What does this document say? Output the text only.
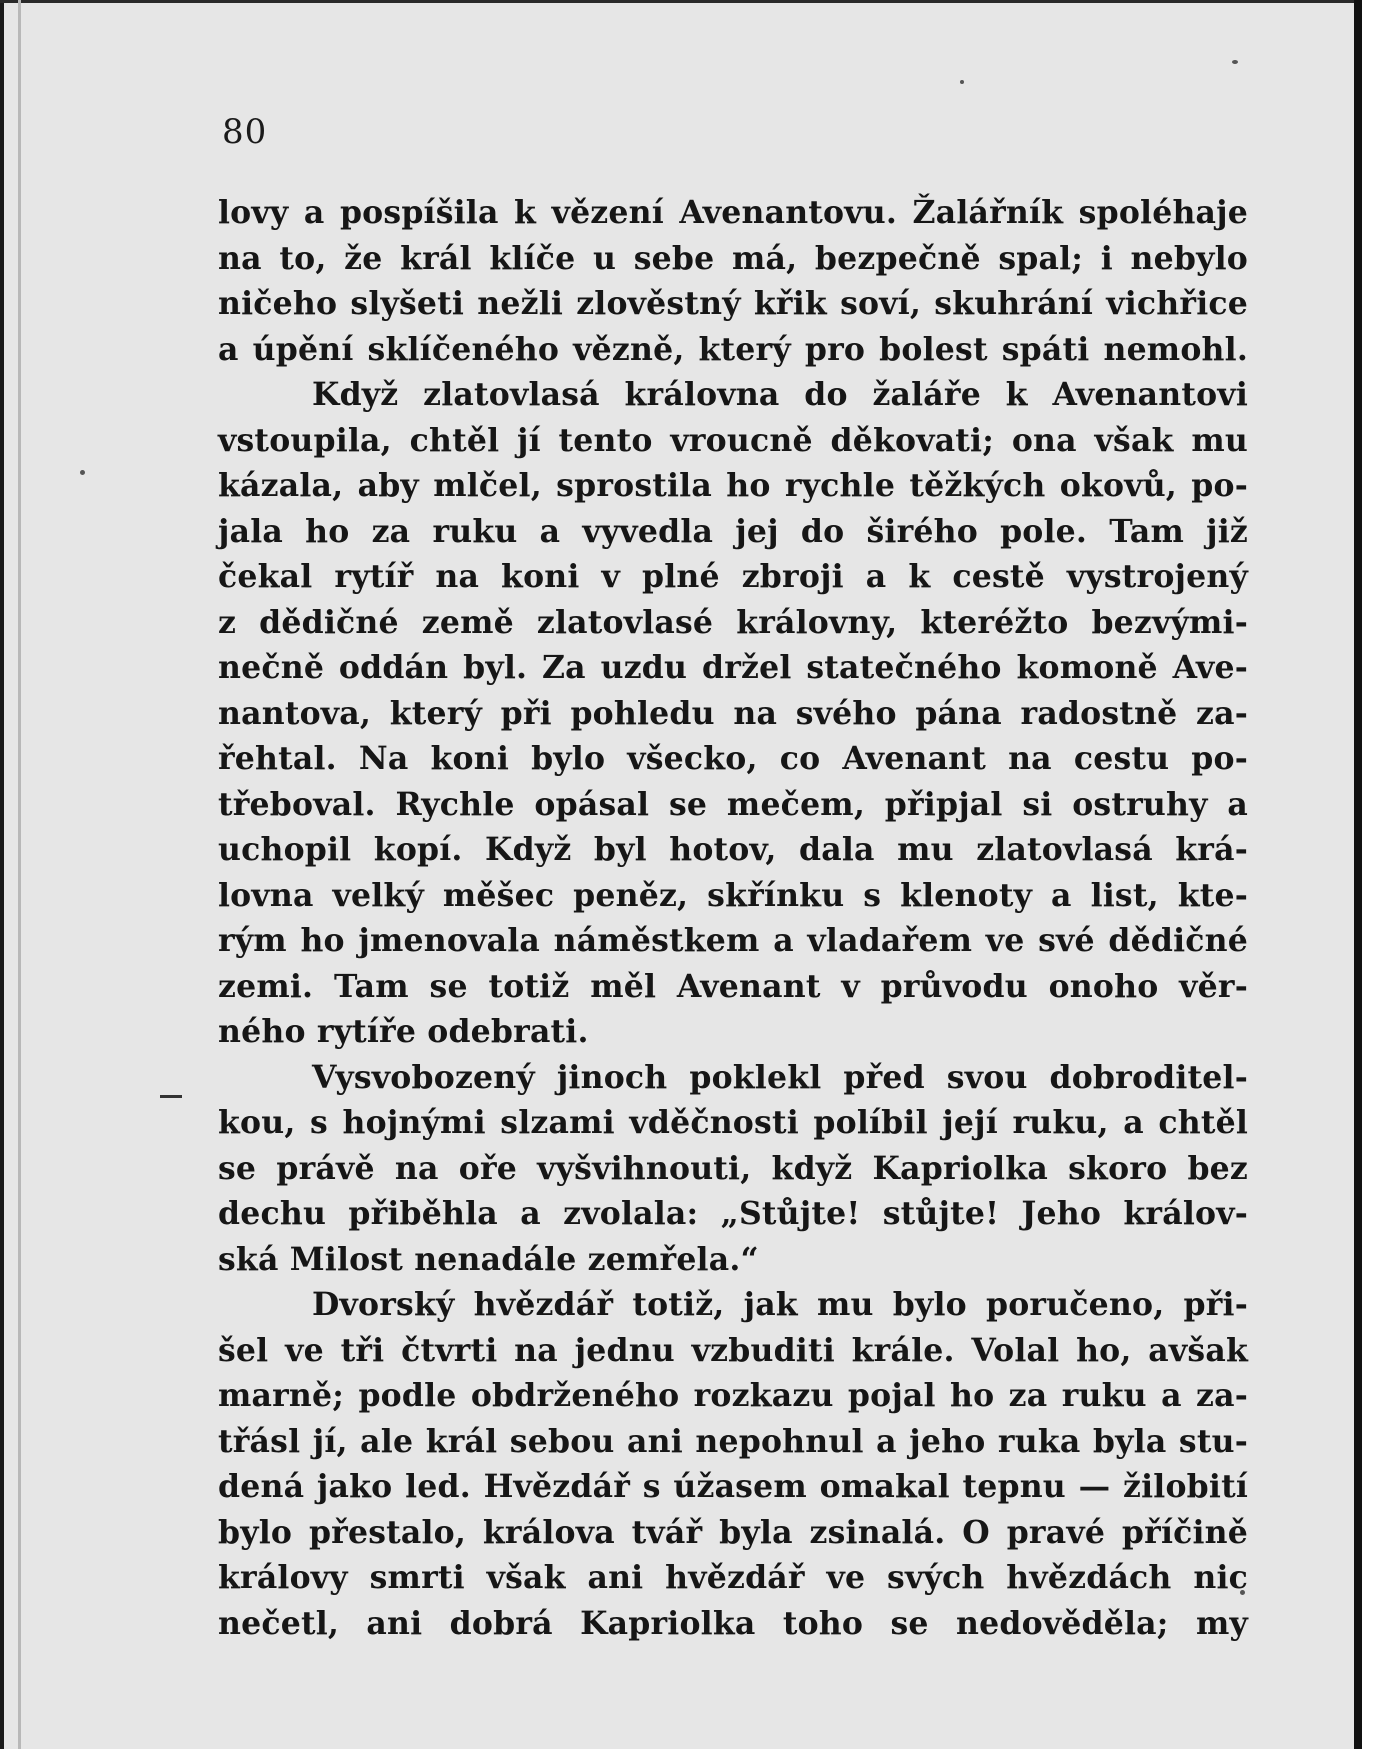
80
lovy a pospíšila k vězení Avenantovu. Žalářník spoléhaje
na to, že král klíče u sebe má, bezpečně spal; i nebylo
ničeho slyšeti nežli zlověstný křik soví, skuhrání vichřice
a úpění sklíčeného vězně, který pro bolest spáti nemohl.
Když zlatovlasá královna do žaláře k Avenantovi
vstoupila, chtěl jí tento vroucně děkovati; ona však mu
kázala, aby mlčel, sprostila ho rychle těžkých okovů, po-
jala ho za ruku a vyvedla jej do širého pole. Tam již
čekal rytíř na koni v plné zbroji a k cestě vystrojený
z dědičné země zlatovlasé královny, kteréžto bezvými-
nečně oddán byl. Za uzdu držel statečného komoně Ave-
nantova, který při pohledu na svého pána radostně za-
řehtal. Na koni bylo všecko, co Avenant na cestu po-
třeboval. Rychle opásal se mečem, připjal si ostruhy a
uchopil kopí. Když byl hotov, dala mu zlatovlasá krá-
lovna velký měšec peněz, skřínku s klenoty a list, kte-
rým ho jmenovala náměstkem a vladařem ve své dědičné
zemi. Tam se totiž měl Avenant v průvodu onoho věr-
ného rytíře odebrati.
Vysvobozený jinoch poklekl před svou dobroditel-
kou, s hojnými slzami vděčnosti políbil její ruku, a chtěl
se právě na oře vyšvihnouti, když Kapriolka skoro bez
dechu přiběhla a zvolala: „Stůjte! stůjte! Jeho králov-
ská Milost nenadále zemřela.“
Dvorský hvězdář totiž, jak mu bylo poručeno, při-
šel ve tři čtvrti na jednu vzbuditi krále. Volal ho, avšak
marně; podle obdrženého rozkazu pojal ho za ruku a za-
třásl jí, ale král sebou ani nepohnul a jeho ruka byla stu-
dená jako led. Hvězdář s úžasem omakal tepnu — žilobití
bylo přestalo, králova tvář byla zsinalá. O pravé příčině
královy smrti však ani hvězdář ve svých hvězdách nic
nečetl, ani dobrá Kapriolka toho se nedověděla; my
